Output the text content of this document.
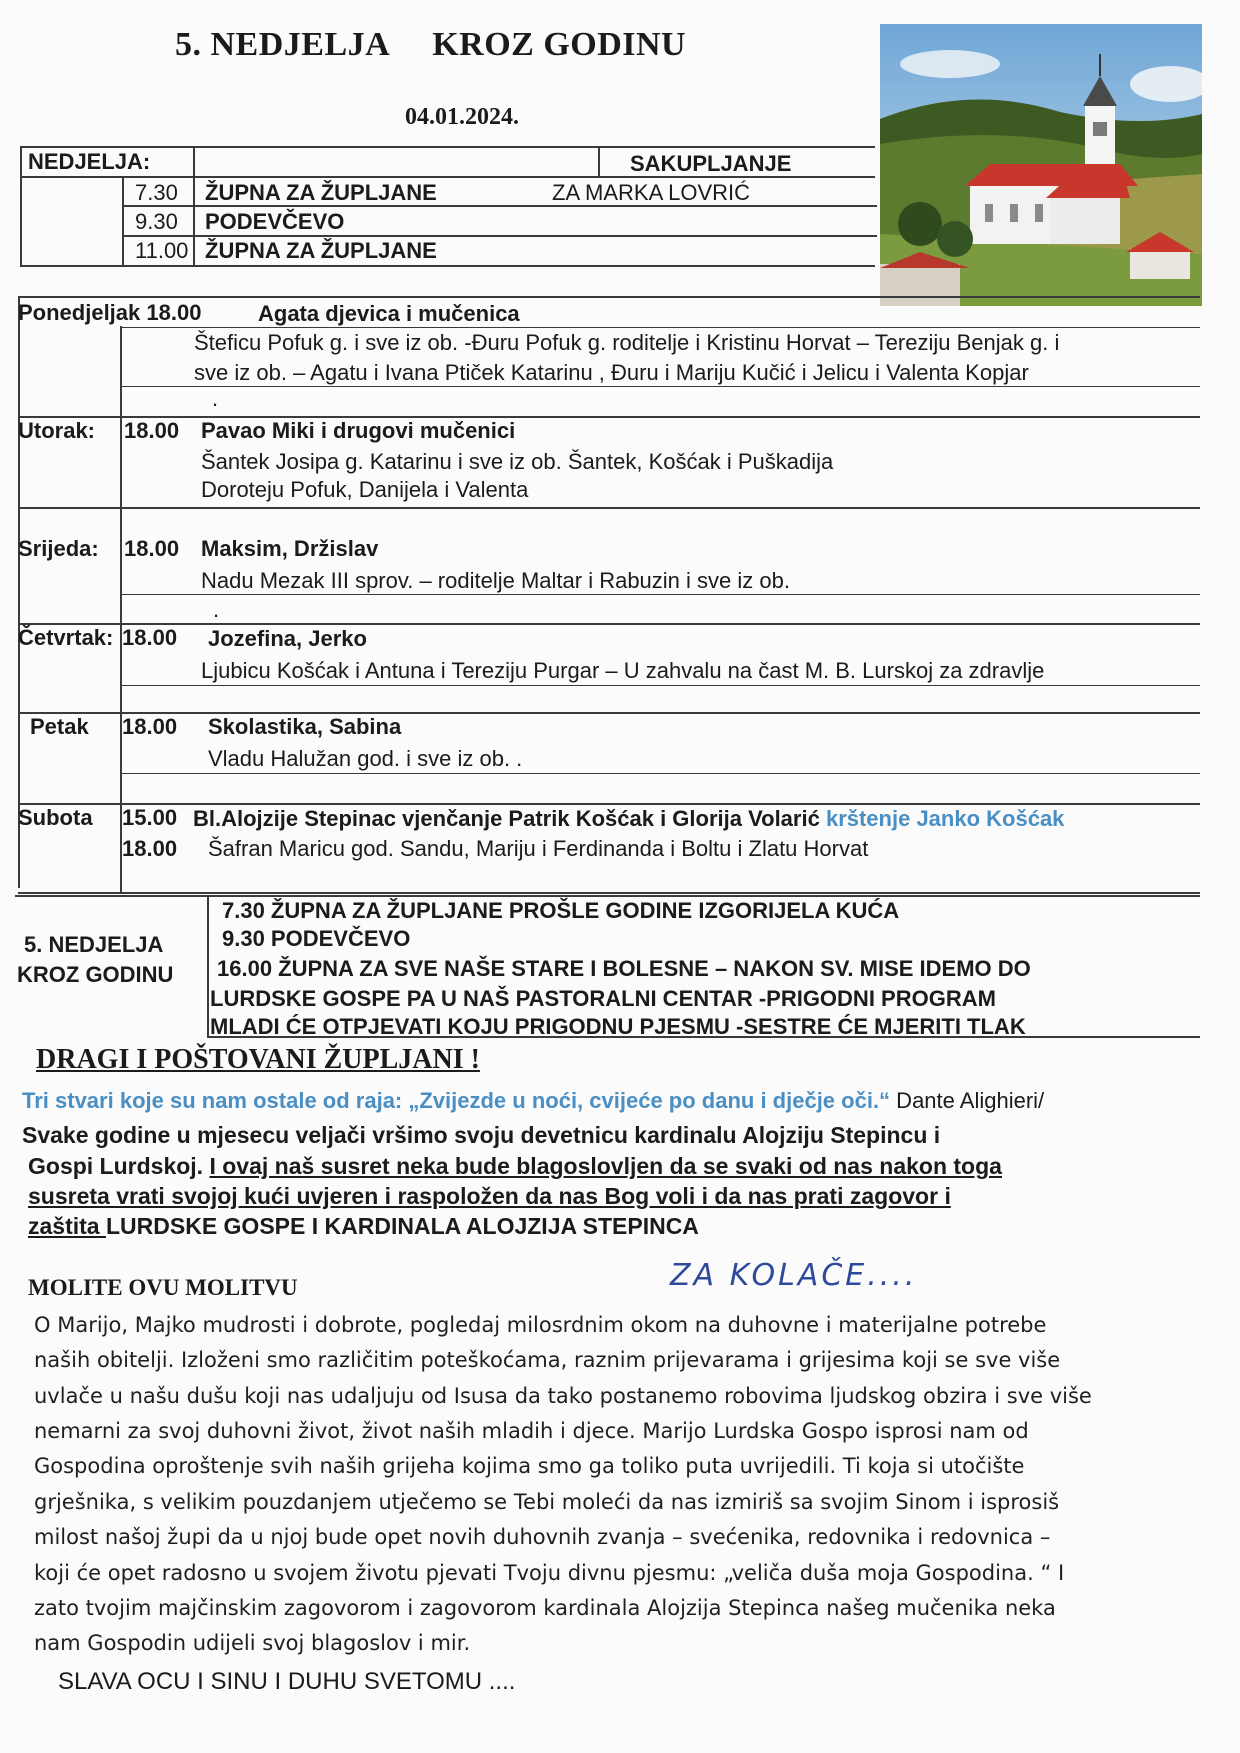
5. NEDJELJA KROZ GODINU
04.01.2024.
NEDJELJA:	SAKUPLJANJE
ZA MARKA LOVRIĆ
7.30 ŽUPNA ZA ŽUPLJANE
9.30 PODEVČEVO
11.00 ŽUPNA ZA ŽUPLJANE
Ponedjeljak 18.00	Agata djevica i mučenica
Šteficu Pofuk g. i sve iz ob. -Đuru Pofuk g. roditelje i Kristinu Horvat – Tereziju Benjak g. i
sve iz ob. – Agatu i Ivana Ptiček Katarinu , Đuru i Mariju Kučić i Jelicu i Valenta Kopjar
.
Utorak: 18.00 Pavao Miki i drugovi mučenici
Šantek Josipa g. Katarinu i sve iz ob. Šantek, Košćak i Puškadija
Doroteju Pofuk, Danijela i Valenta
Srijeda: 18.00 Maksim, Držislav
Nadu Mezak III sprov. – roditelje Maltar i Rabuzin i sve iz ob.
.
Četvrtak: 18.00 Jozefina, Jerko
Ljubicu Košćak i Antuna i Tereziju Purgar – U zahvalu na čast M. B. Lurskoj za zdravlje
Petak 18.00 Skolastika, Sabina
Vladu Halužan god. i sve iz ob. .
Subota 15.00 Bl.Alojzije Stepinac vjenčanje Patrik Košćak i Glorija Volarić krštenje Janko Košćak
18.00 Šafran Maricu god. Sandu, Mariju i Ferdinanda i Boltu i Zlatu Horvat
5. NEDJELJA
KROZ GODINU
7.30 ŽUPNA ZA ŽUPLJANE PROŠLE GODINE IZGORIJELA KUĆA
9.30 PODEVČEVO
16.00 ŽUPNA ZA SVE NAŠE STARE I BOLESNE – NAKON SV. MISE IDEMO DO
LURDSKE GOSPE PA U NAŠ PASTORALNI CENTAR -PRIGODNI PROGRAM
MLADI ĆE OTPJEVATI KOJU PRIGODNU PJESMU -SESTRE ĆE MJERITI TLAK
DRAGI I POŠTOVANI ŽUPLJANI !
Tri stvari koje su nam ostale od raja: „Zvijezde u noći, cvijeće po danu i dječje oči.“ Dante Alighieri/
Svake godine u mjesecu veljači vršimo svoju devetnicu kardinalu Alojziju Stepincu i
Gospi Lurdskoj. I ovaj naš susret neka bude blagoslovljen da se svaki od nas nakon toga
susreta vrati svojoj kući uvjeren i raspoložen da nas Bog voli i da nas prati zagovor i
zaštita LURDSKE GOSPE I KARDINALA ALOJZIJA STEPINCA
MOLITE OVU MOLITVU	ZA KOLAČE....
O Marijo, Majko mudrosti i dobrote, pogledaj milosrdnim okom na duhovne i materijalne potrebe
naših obitelji. Izloženi smo različitim poteškoćama, raznim prijevarama i grijesima koji se sve više
uvlače u našu dušu koji nas udaljuju od Isusa da tako postanemo robovima ljudskog obzira i sve više
nemarni za svoj duhovni život, život naših mladih i djece. Marijo Lurdska Gospo isprosi nam od
Gospodina oproštenje svih naših grijeha kojima smo ga toliko puta uvrijedili. Ti koja si utočište
grješnika, s velikim pouzdanjem utječemo se Tebi moleći da nas izmiriš sa svojim Sinom i isprosiš
milost našoj župi da u njoj bude opet novih duhovnih zvanja – svećenika, redovnika i redovnica –
koji će opet radosno u svojem životu pjevati Tvoju divnu pjesmu: „veliča duša moja Gospodina. “ I
zato tvojim majčinskim zagovorom i zagovorom kardinala Alojzija Stepinca našeg mučenika neka
nam Gospodin udijeli svoj blagoslov i mir.
SLAVA OCU I SINU I DUHU SVETOMU ....
